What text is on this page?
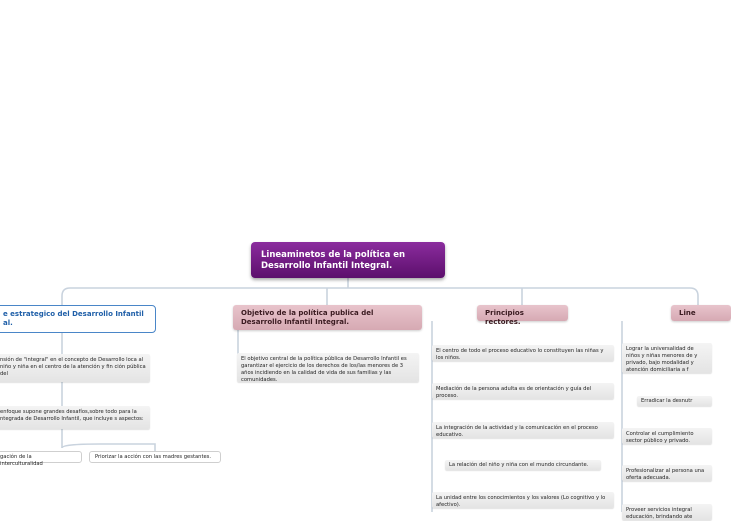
Lineaminetos de la política en Desarrollo Infantil Integral.
e estrategico del Desarrollo Infantil al.
nsión de "integral" en el concepto de Desarrollo loca al niño y niña en el centro de la atención y fin ción pública del
enfoque supone grandes desafíos,sobre todo para la ntegrada de Desarrollo Infantil, que incluye s aspectos:
gación de la interculturalidad
Priorizar la acción con las madres gestantes.
Objetivo de la política publica del Desarrollo Infantil Integral.
El objetivo central de la política pública de Desarrollo Infantil es garantizar el ejercicio de los derechos de los/las menores de 3 años incidiendo en la calidad de vida de sus familias y las comunidades.
Principios rectores.
El centro de todo el proceso educativo lo constituyen las niñas y los niños.
Mediación de la persona adulta es de orientación y guía del proceso.
La integración de la actividad y la comunicación en el proceso educativo.
La relación del niño y niña con el mundo circundante.
La unidad entre los conocimientos y los valores (Lo cognitivo y lo afectivo).
Line
Lograr la universalidad de niños y niñas menores de y privado, bajo modalidad y atención domiciliaria a f
Erradicar la desnutr
Controlar el cumplimiento sector público y privado.
Profesionalizar al persona una oferta adecuada.
Proveer servicios integral educación, brindando ate
